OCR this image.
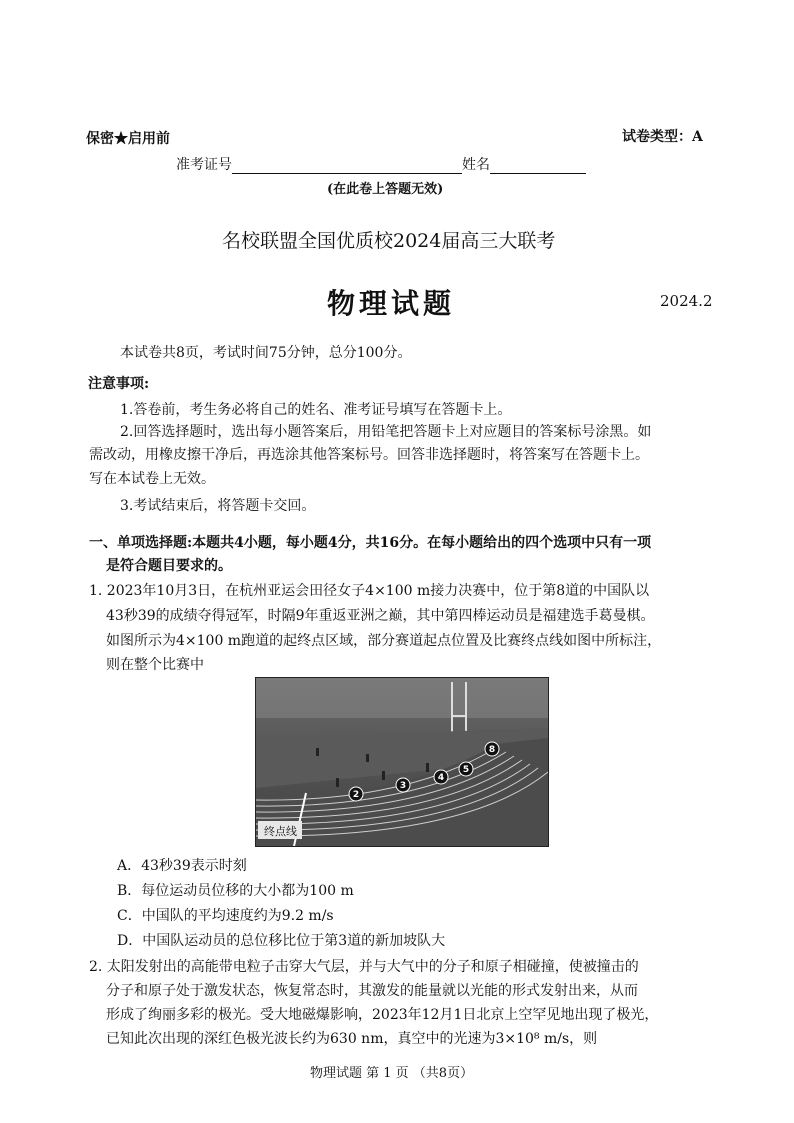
保密★启用前	试卷类型：A
准考证号	姓名
(在此卷上答题无效)
名校联盟全国优质校2024届高三大联考
物理试题	2024.2
本试卷共8页，考试时间75分钟，总分100分。
注意事项:
1.答卷前，考生务必将自己的姓名、准考证号填写在答题卡上。
2.回答选择题时，选出每小题答案后，用铅笔把答题卡上对应题目的答案标号涂黑。如
需改动，用橡皮擦干净后，再选涂其他答案标号。回答非选择题时，将答案写在答题卡上。
写在本试卷上无效。
3.考试结束后，将答题卡交回。
一、单项选择题:本题共4小题，每小题4分，共16分。在每小题给出的四个选项中只有一项
是符合题目要求的。
1. 2023年10月3日，在杭州亚运会田径女子4×100 m接力决赛中，位于第8道的中国队以
43秒39的成绩夺得冠军，时隔9年重返亚洲之巅，其中第四棒运动员是福建选手葛曼棋。
如图所示为4×100 m跑道的起终点区域，部分赛道起点位置及比赛终点线如图中所标注，
则在整个比赛中
终点线
2
3
4
5
8
A．43秒39表示时刻
B．每位运动员位移的大小都为100 m
C．中国队的平均速度约为9.2 m/s
D．中国队运动员的总位移比位于第3道的新加坡队大
2. 太阳发射出的高能带电粒子击穿大气层，并与大气中的分子和原子相碰撞，使被撞击的
分子和原子处于激发状态，恢复常态时，其激发的能量就以光能的形式发射出来，从而
形成了绚丽多彩的极光。受大地磁爆影响，2023年12月1日北京上空罕见地出现了极光，
已知此次出现的深红色极光波长约为630 nm，真空中的光速为3×10⁸ m/s，则
物理试题 第 1 页 （共8页）
